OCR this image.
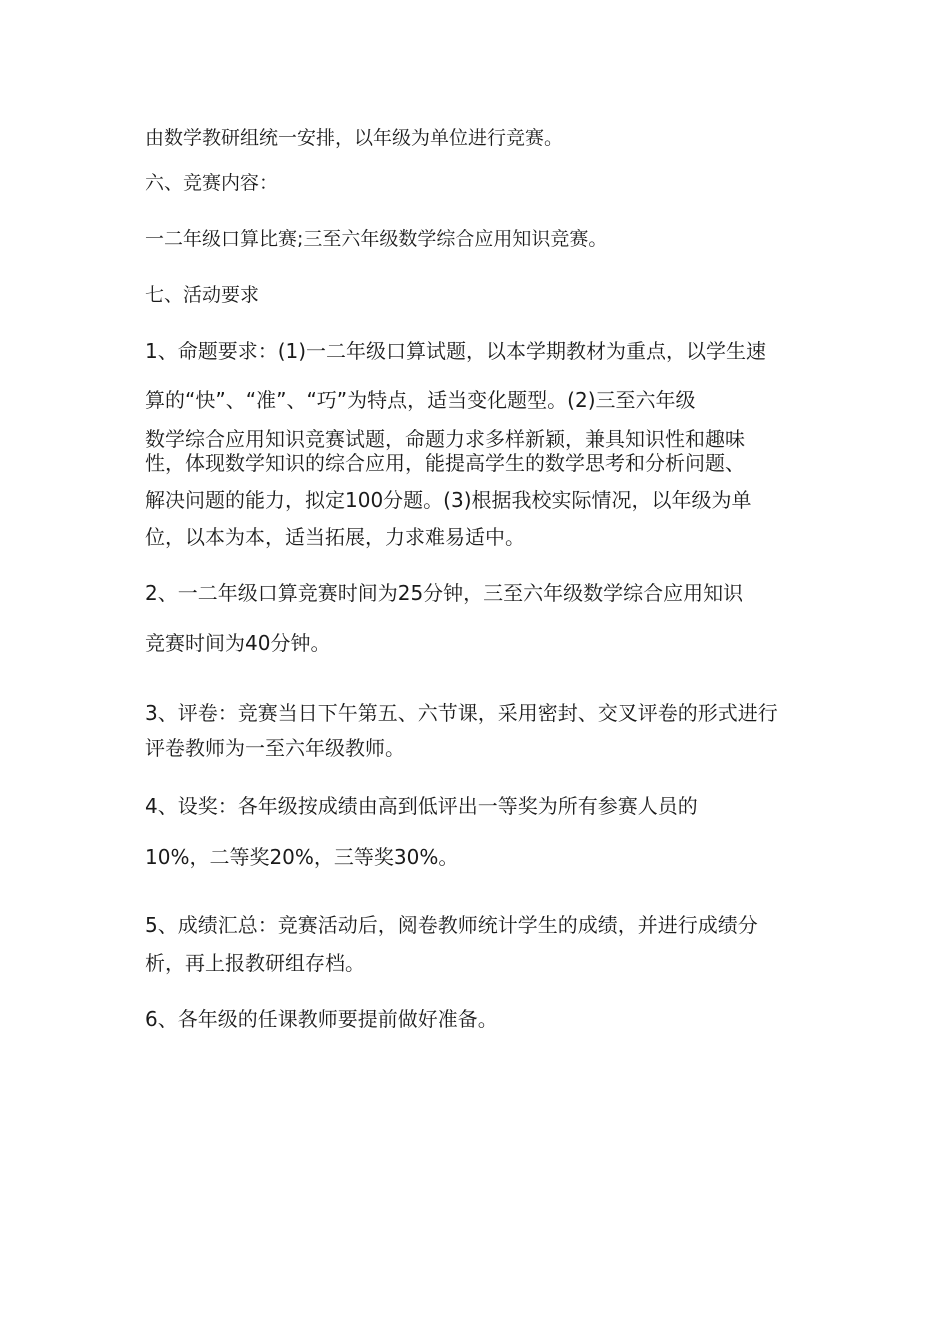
由数学教研组统一安排，以年级为单位进行竞赛。

六、竞赛内容：

一二年级口算比赛;三至六年级数学综合应用知识竞赛。

七、活动要求

1、命题要求：(1)一二年级口算试题，以本学期教材为重点，以学生速

算的“快”、“准”、“巧”为特点，适当变化题型。(2)三至六年级

数学综合应用知识竞赛试题，命题力求多样新颖，兼具知识性和趣味

性，体现数学知识的综合应用，能提高学生的数学思考和分析问题、

解决问题的能力，拟定100分题。(3)根据我校实际情况，以年级为单

位，以本为本，适当拓展，力求难易适中。

2、一二年级口算竞赛时间为25分钟，三至六年级数学综合应用知识

竞赛时间为40分钟。

3、评卷：竞赛当日下午第五、六节课，采用密封、交叉评卷的形式进行

评卷教师为一至六年级教师。

4、设奖：各年级按成绩由高到低评出一等奖为所有参赛人员的

10%，二等奖20%，三等奖30%。

5、成绩汇总：竞赛活动后，阅卷教师统计学生的成绩，并进行成绩分

析，再上报教研组存档。

6、各年级的任课教师要提前做好准备。
